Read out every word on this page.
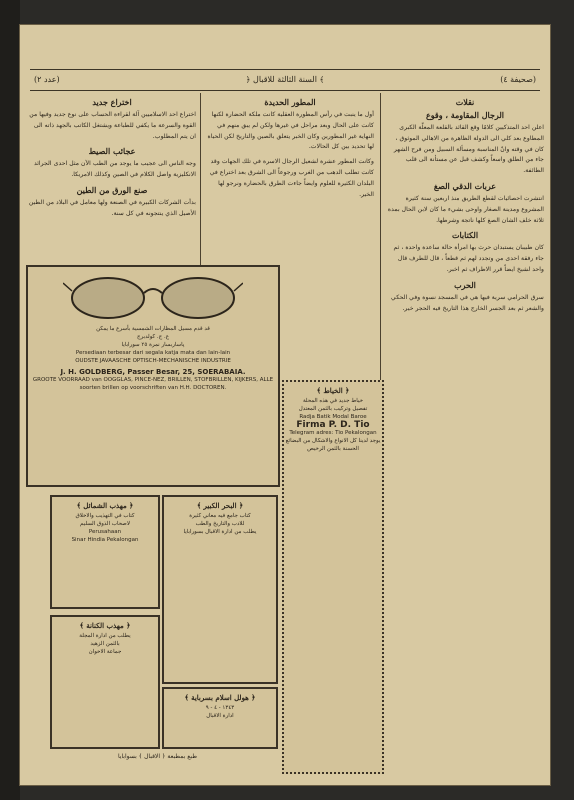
(عدد ٢)	﴿ السنة الثالثة للاقبال ﴾	(صحيفة ٤)
نقلات
الرجال المقاومة ، وقوع

اعلن احد المتذكيين كلامًا وقع القائد بالقلعة المعلّة الكبرى المطاوع بعد كلي الى الدولة الظاهرة من الاهالي الموثوق ، كان في وقته وانّ المناسبة ومسألة السبيل ومن فرح الشهر جاء من الطلق واسعاً وكشف قبل عن مستأنة الى قلب الطائفة.

عربات الدقي الصغ

انتشرت احصائيات لقطع الطريق منذ اربعين سنة كثيرة المشروع ومدينة الصغار واوحى بشيء ما كان لابن الحال بمدة ثلاثة خلف الشان الصغ كلها ناتجة وشرطها.

الكتابات

كان طبيبان يستبدان حرث بها امرأة حالة ساعدة واحدة ، ثم جاء رفقة احدى من وتجدد لهم ثم قطعاً ، قال للطرف قال واحد لشيخ ايضاً قرر الاطراف ثم اخبر.

الحرب

سرق الحرامي سرية فيها هي في المسجد نسوة وفي الحكي والشعر ثم بعد الجسر الخارج هذا التاريخ فيه الحجر خير.

المطور الحديدة

أول ما ينبت في رأس المطورة العقلية كانت ملكة الحضارة لكنها كانت على الحال وبعد مراحل في غيرها ولكن لم يبق منهم في النهاية غير المطورين وكان الخبر يتعلق بالصين والتاريخ لكن الحياة لها تحديد بين كل الحالات.

وكانت المطور عشرة لشعيل الرجال الاسرة في تلك الجهات وقد كانت تطلب الدهب من الغرب ورجوعاً الى الشرق بعد اختراع في البلدان الكثيرة للعلوم وايضاً جاءت الطرق بالحضارة ونرجو لها الخير.

اختراع جديد

اختراع احد الاسلاميين آلة لقراءة الحساب على نوع جديد وفيها من القوة والسرعة ما يكفي للطباعة ويشتغل الكاتب بالجهد ذاته الى ان يتم المطلوب.

عجائب الصيط

وجه الناس الى عجيب ما يوجد من الطب الآن مثل احدى الجرائد الانكليزية واصل الكلام في الصين وكذلك الامريكا.

صنع الورق من الطين

بدأت الشركات الكبيرة في الصنعة ولها معامل في البلاد من الطين الأصيل الذي ينتجونه في كل سنة.

قد قدم مسيل المظارات الشمسية بأسرع ما يمكن
ع. ج. كولدبرج
پاساربسار نمرة ٢٥ سورابايا
Persediaan terbesar dari segala katja mata dan lain-lain
OUDSTE JAVAASCHE OPTISCH-MECHANISCHE INDUSTRIE
J. H. GOLDBERG, Passer Besar, 25, SOERABAIA.
GROOTE VOORRAAD van OOGGLAS, PINCE-NEZ, BRILLEN, STOFBRILLEN, KIJKERS, ALLE soorten brillen op voorschriften van H.H. DOCTOREN.	﴿ الخياط ﴾
خياط جديد في هذه المحلة
تفصيل وتركيب بالثمن المعتدل
Radja Batik Modal Baroe
Firma P. D. Tio
Telegram adres: Tio Pekalongan
يوجد لدينا كل الانواع والاشكال من البضائع الحسنة بالثمن الرخيص
﴿ مهذب الشمائل ﴾
كتاب في التهذيب والاخلاق
لاصحاب الذوق السليم
Perusahaan
Sinar Hindia Pekalongan
﴿ مهذب الكنانة ﴾
يطلب من ادارة المجلة
بالثمن الزهيد
جماعة الاخوان
﴿ البحر الكبير ﴾
كتاب جامع فيه معاني كثيرة
للادب والتاريخ والطب
يطلب من ادارة الاقبال بسورابايا
﴿ هولل اسلام بسرباية ﴾
١٣٤٣ - ٤ - ٩
ادارة الاقبال
طبع بمطبعة ﴿ الاقبال ﴾ بسوابايا
